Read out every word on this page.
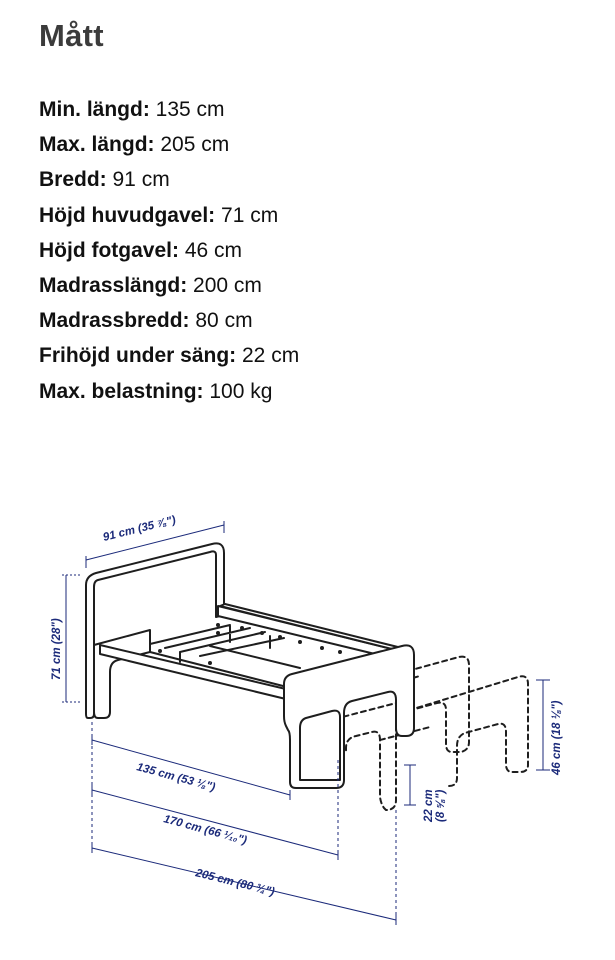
Mått
Min. längd: 135 cm
Max. längd: 205 cm
Bredd: 91 cm
Höjd huvudgavel: 71 cm
Höjd fotgavel: 46 cm
Madrasslängd: 200 cm
Madrassbredd: 80 cm
Frihöjd under säng: 22 cm
Max. belastning: 100 kg
91 cm (35 ⅞")
71 cm (28")
46 cm (18 ⅛")
22 cm (8 ⅝")
135 cm (53 ⅛")
170 cm (66 ¹⁄₁₀")
205 cm (80 ¾")
